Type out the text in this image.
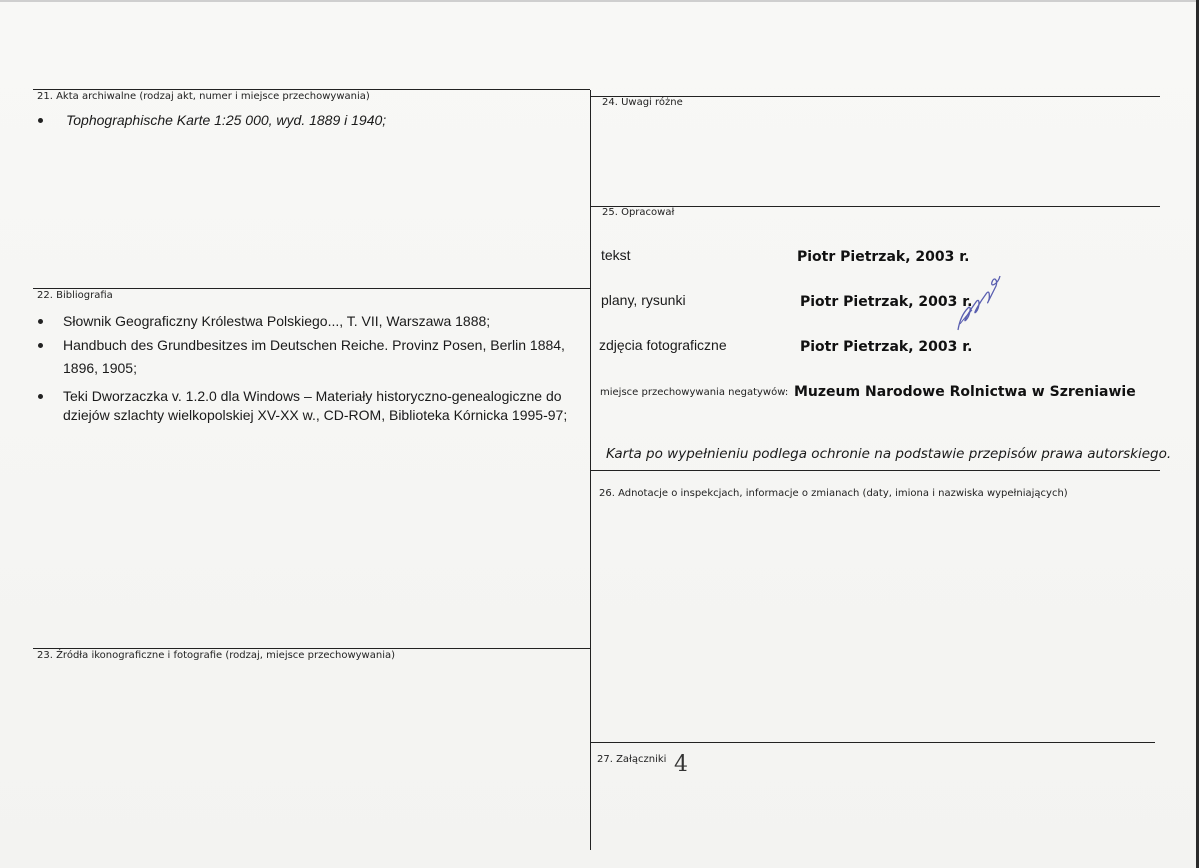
21. Akta archiwalne (rodzaj akt, numer i miejsce przechowywania)
Tophographische Karte 1:25 000, wyd. 1889 i 1940;
22. Bibliografia
Słownik Geograficzny Królestwa Polskiego..., T. VII, Warszawa 1888;
Handbuch des Grundbesitzes im Deutschen Reiche. Provinz Posen, Berlin 1884,
1896, 1905;
Teki Dworzaczka v. 1.2.0 dla Windows – Materiały historyczno-genealogiczne do
dziejów szlachty wielkopolskiej XV-XX w., CD-ROM, Biblioteka Kórnicka 1995-97;
23. Źródła ikonograficzne i fotografie (rodzaj, miejsce przechowywania)
24. Uwagi różne
25. Opracował
tekst	Piotr Pietrzak, 2003 r.
plany, rysunki	Piotr Pietrzak, 2003 r.
zdjęcia fotograficzne	Piotr Pietrzak, 2003 r.
miejsce przechowywania negatywów: Muzeum Narodowe Rolnictwa w Szreniawie
Karta po wypełnieniu podlega ochronie na podstawie przepisów prawa autorskiego.
26. Adnotacje o inspekcjach, informacje o zmianach (daty, imiona i nazwiska wypełniających)
27. Załączniki 4
